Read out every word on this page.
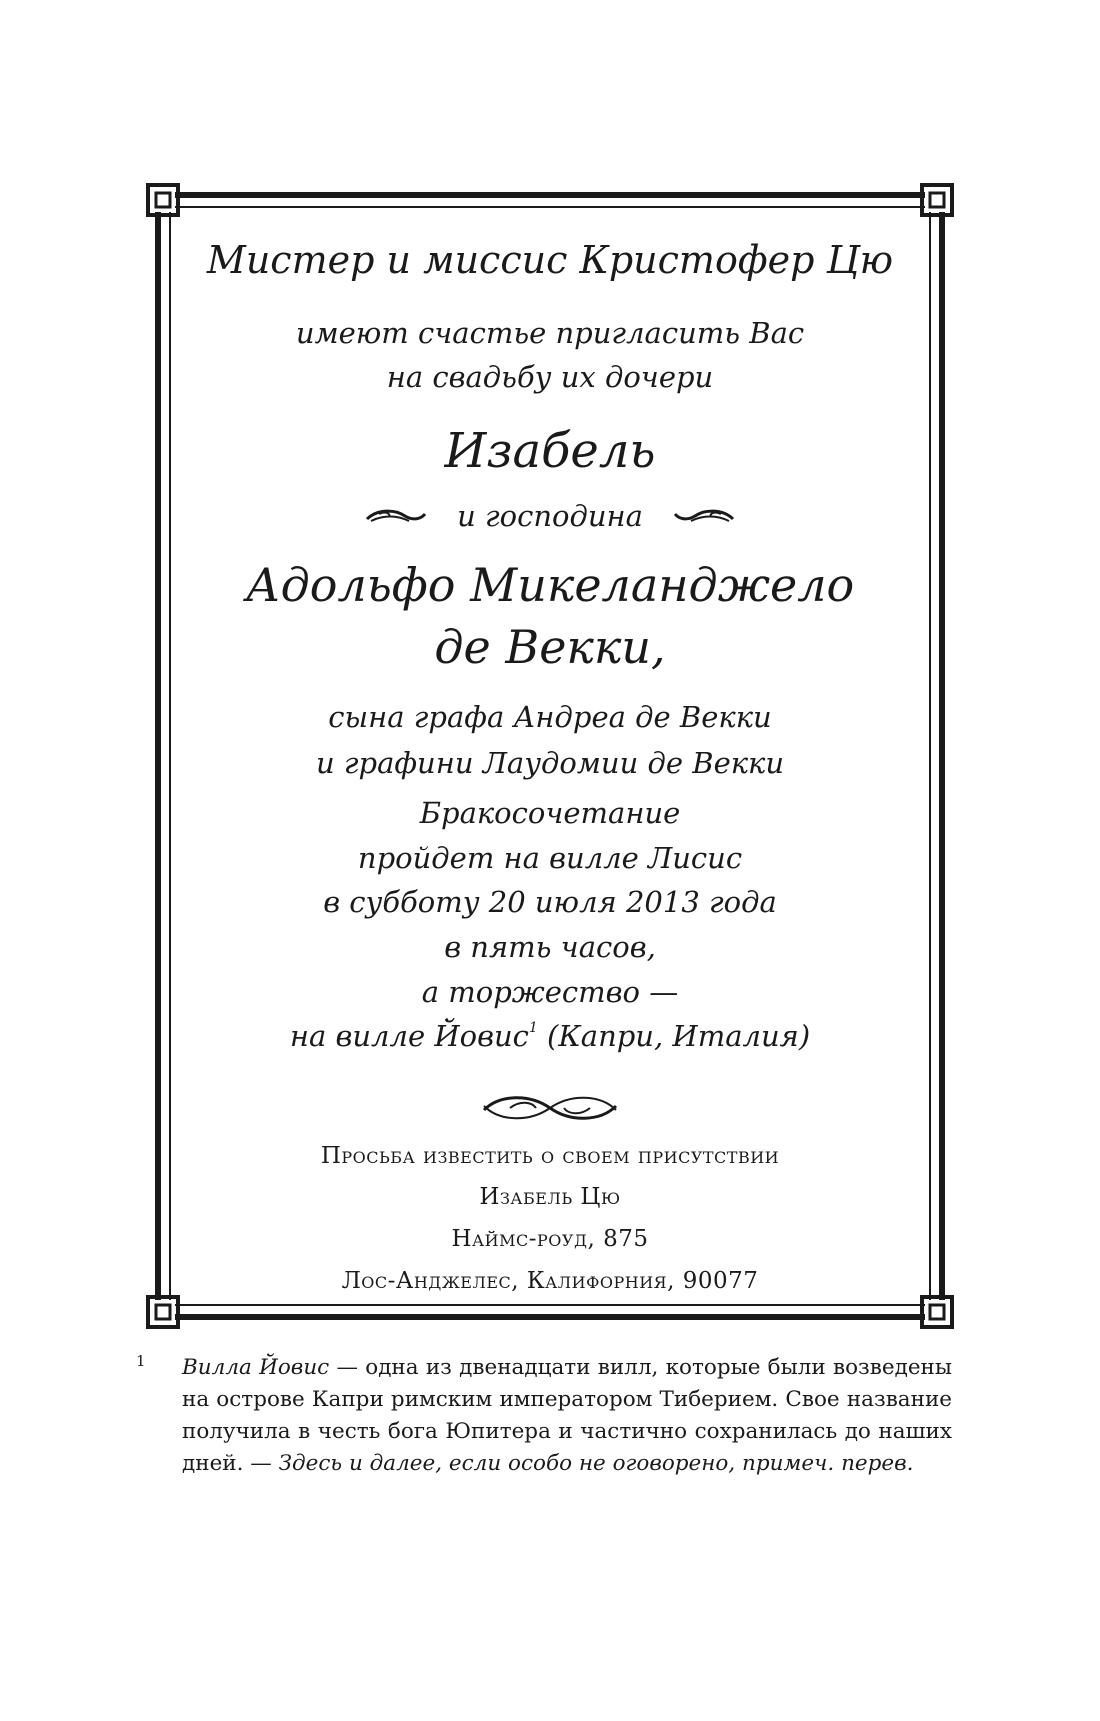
Мистер и миссис Кристофер Цю
имеют счастье пригласить Вас
на свадьбу их дочери
Изабель
и господина
Адольфо Микеланджело
де Векки,
сына графа Андреа де Векки
и графини Лаудомии де Векки
Бракосочетание
пройдет на вилле Лисис
в субботу 20 июля 2013 года
в пять часов,
а торжество —
на вилле Йовис$^1$ (Капри, Италия)
Просьба известить о своем присутствии
Изабель Цю
Наймс-роуд, 875
Лос-Анджелес, Калифорния, 90077
1 Вилла Йовис — одна из двенадцати вилл, которые были возведены на острове Капри римским императором Тиберием. Свое название получила в честь бога Юпитера и частично сохранилась до наших дней. — Здесь и далее, если особо не оговорено, примеч. перев.
